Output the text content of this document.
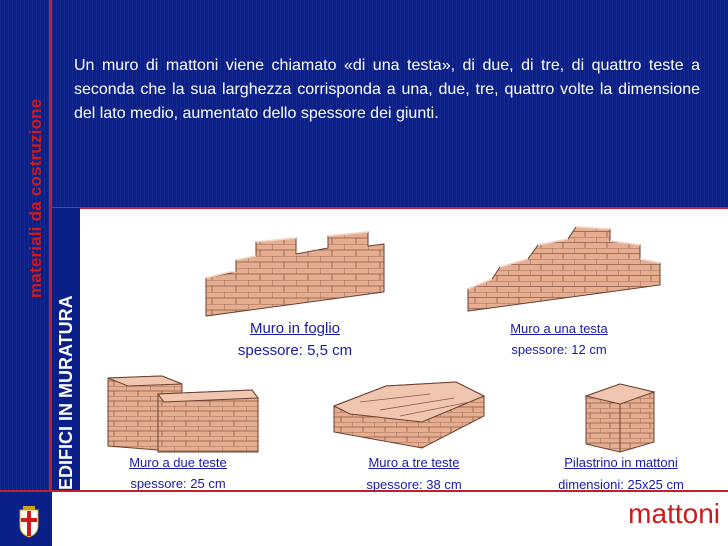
materiali da costruzione
EDIFICI IN MURATURA
Un muro di mattoni viene chiamato «di una testa», di due, di tre, di quattro teste a seconda che la sua larghezza corrisponda a una, due, tre, quattro volte la dimensione del lato medio, aumentato dello spessore dei giunti.
Muro in foglio
spessore: 5,5 cm
Muro a una testa
spessore: 12 cm
Muro a due teste
spessore: 25 cm
Muro a tre teste
spessore: 38 cm
Pilastrino in mattoni
dimensioni: 25x25 cm
mattoni
